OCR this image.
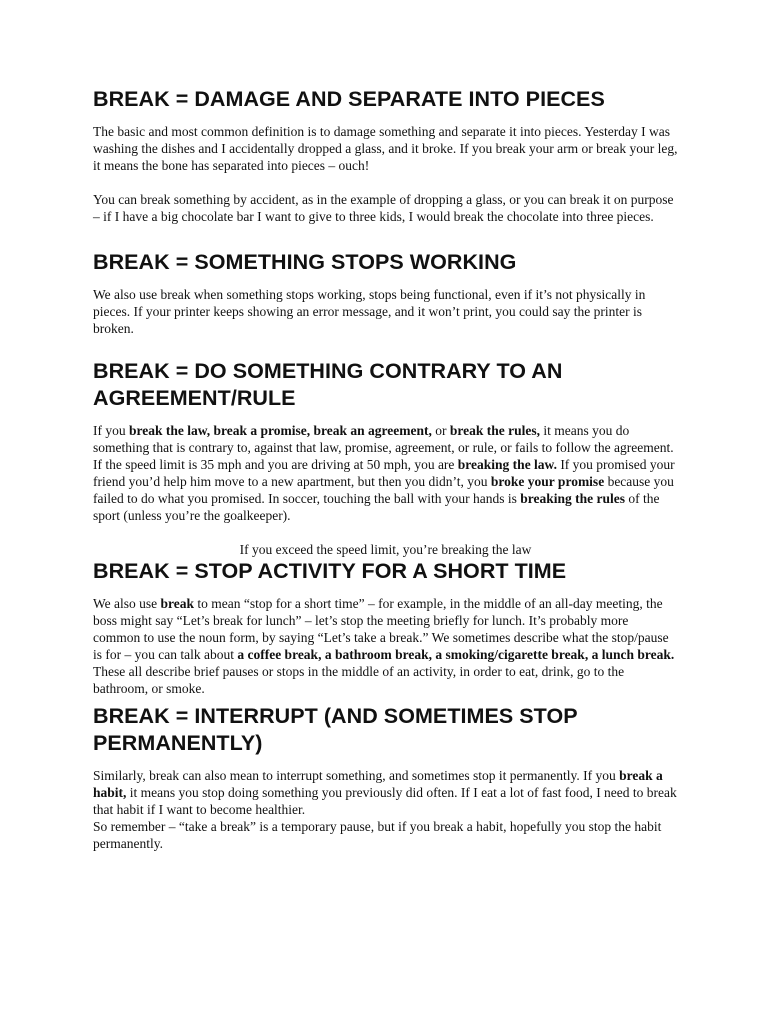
BREAK = DAMAGE AND SEPARATE INTO PIECES

The basic and most common definition is to damage something and separate it into pieces. Yesterday I was washing the dishes and I accidentally dropped a glass, and it broke. If you break your arm or break your leg, it means the bone has separated into pieces – ouch!

You can break something by accident, as in the example of dropping a glass, or you can break it on purpose – if I have a big chocolate bar I want to give to three kids, I would break the chocolate into three pieces.

BREAK = SOMETHING STOPS WORKING

We also use break when something stops working, stops being functional, even if it’s not physically in pieces. If your printer keeps showing an error message, and it won’t print, you could say the printer is broken.

BREAK = DO SOMETHING CONTRARY TO AN AGREEMENT/RULE

If you break the law, break a promise, break an agreement, or break the rules, it means you do something that is contrary to, against that law, promise, agreement, or rule, or fails to follow the agreement.

If the speed limit is 35 mph and you are driving at 50 mph, you are breaking the law. If you promised your friend you’d help him move to a new apartment, but then you didn’t, you broke your promise because you failed to do what you promised. In soccer, touching the ball with your hands is breaking the rules of the sport (unless you’re the goalkeeper).

If you exceed the speed limit, you’re breaking the law

BREAK = STOP ACTIVITY FOR A SHORT TIME

We also use break to mean “stop for a short time” – for example, in the middle of an all-day meeting, the boss might say “Let’s break for lunch” – let’s stop the meeting briefly for lunch. It’s probably more common to use the noun form, by saying “Let’s take a break.” We sometimes describe what the stop/pause is for – you can talk about a coffee break, a bathroom break, a smoking/cigarette break, a lunch break. These all describe brief pauses or stops in the middle of an activity, in order to eat, drink, go to the bathroom, or smoke.

BREAK = INTERRUPT (AND SOMETIMES STOP PERMANENTLY)

Similarly, break can also mean to interrupt something, and sometimes stop it permanently. If you break a habit, it means you stop doing something you previously did often. If I eat a lot of fast food, I need to break that habit if I want to become healthier.

So remember – “take a break” is a temporary pause, but if you break a habit, hopefully you stop the habit permanently.
